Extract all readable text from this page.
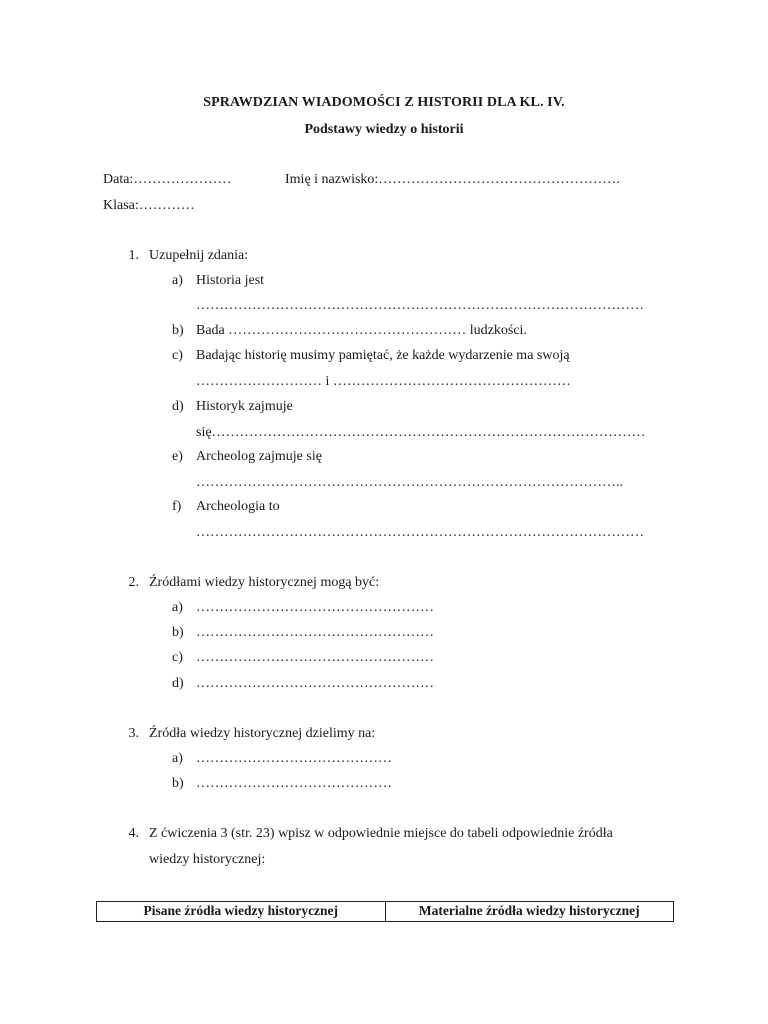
SPRAWDZIAN WIADOMOŚCI Z HISTORII DLA KL. IV.
Podstawy wiedzy o historii
Data:…………………	Imię i nazwisko:…………………………………………….
Klasa:…………
1. Uzupełnij zdania:
a) Historia jest
……………………………………………………………………………………
b) Bada …………………………………………… ludzkości.
c) Badając historię musimy pamiętać, że każde wydarzenie ma swoją
……………………… i ……………………………………………
d) Historyk zajmuje
się…………………………………………………………………………………
e) Archeolog zajmuje się
………………………………………………………………………………..
f)	Archeologia to
……………………………………………………………………………………
2. Źródłami wiedzy historycznej mogą być:
a) ……………………………………………
b) ……………………………………………
c) ……………………………………………
d) ……………………………………………
3. Źródła wiedzy historycznej dzielimy na:
a) ……………………………………
b) ……………………………………
4. Z ćwiczenia 3 (str. 23) wpisz w odpowiednie miejsce do tabeli odpowiednie źródła
wiedzy historycznej:
Pisane źródła wiedzy historycznej	Materialne źródła wiedzy historycznej
